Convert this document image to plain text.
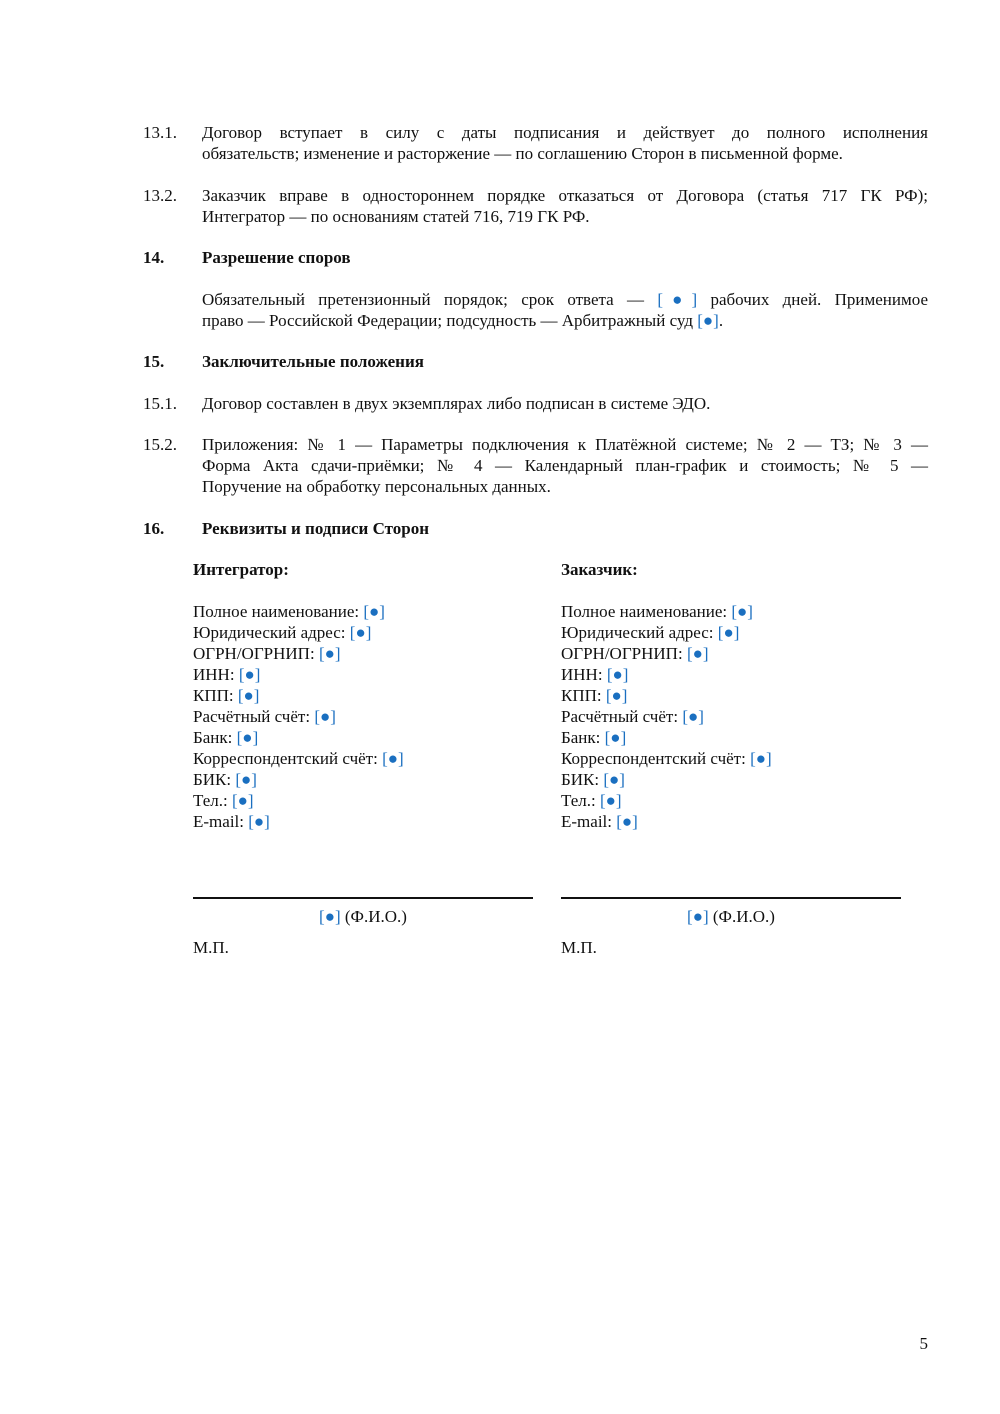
13.1. Договор вступает в силу с даты подписания и действует до полного исполнения
обязательств; изменение и расторжение — по соглашению Сторон в письменной форме.
13.2. Заказчик вправе в одностороннем порядке отказаться от Договора (статья 717 ГК РФ);
Интегратор — по основаниям статей 716, 719 ГК РФ.
14. Разрешение споров
Обязательный претензионный порядок; срок ответа — [●] рабочих дней. Применимое
право — Российской Федерации; подсудность — Арбитражный суд [●].
15. Заключительные положения
15.1. Договор составлен в двух экземплярах либо подписан в системе ЭДО.
15.2. Приложения: № 1 — Параметры подключения к Платёжной системе; № 2 — ТЗ; № 3 —
Форма Акта сдачи-приёмки; № 4 — Календарный план-график и стоимость; № 5 —
Поручение на обработку персональных данных.
16. Реквизиты и подписи Сторон
Интегратор:
Полное наименование: [●]
Юридический адрес: [●]
ОГРН/ОГРНИП: [●]
ИНН: [●]
КПП: [●]
Расчётный счёт: [●]
Банк: [●]
Корреспондентский счёт: [●]
БИК: [●]
Тел.: [●]
E-mail: [●]
Заказчик:
Полное наименование: [●]
Юридический адрес: [●]
ОГРН/ОГРНИП: [●]
ИНН: [●]
КПП: [●]
Расчётный счёт: [●]
Банк: [●]
Корреспондентский счёт: [●]
БИК: [●]
Тел.: [●]
E-mail: [●]
[●] (Ф.И.О.)	[●] (Ф.И.О.)
М.П.	М.П.
5
